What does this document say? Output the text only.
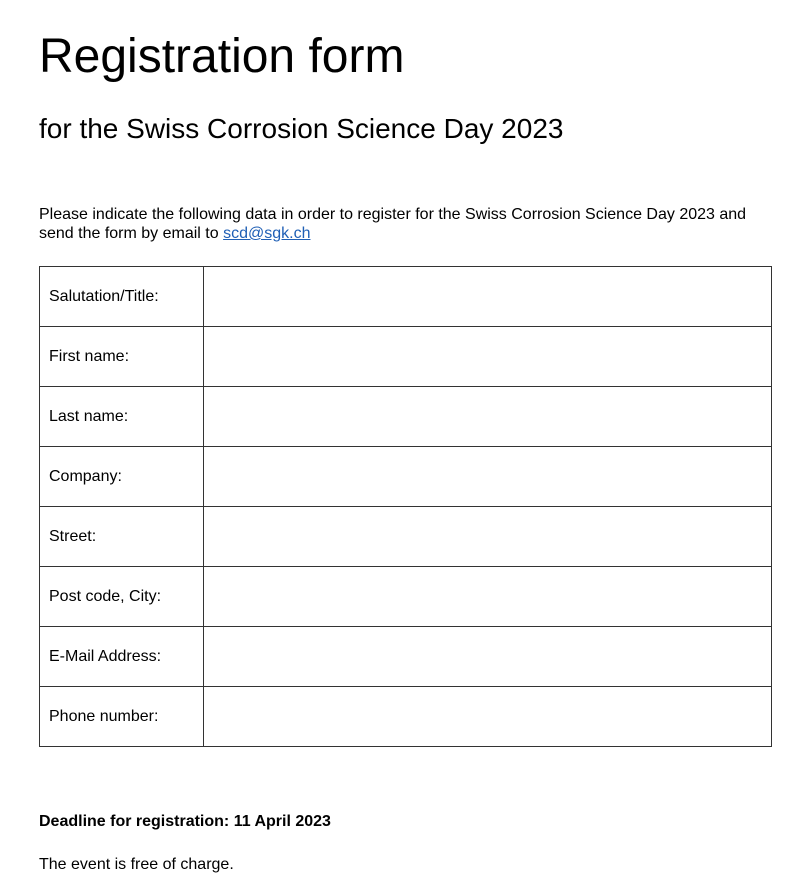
Registration form
for the Swiss Corrosion Science Day 2023

Please indicate the following data in order to register for the Swiss Corrosion Science Day 2023 and send the form by email to scd@sgk.ch

Salutation/Title:	
First name:	
Last name:	
Company:	
Street:	
Post code, City:	
E-Mail Address:	
Phone number:	

Deadline for registration: 11 April 2023

The event is free of charge.
